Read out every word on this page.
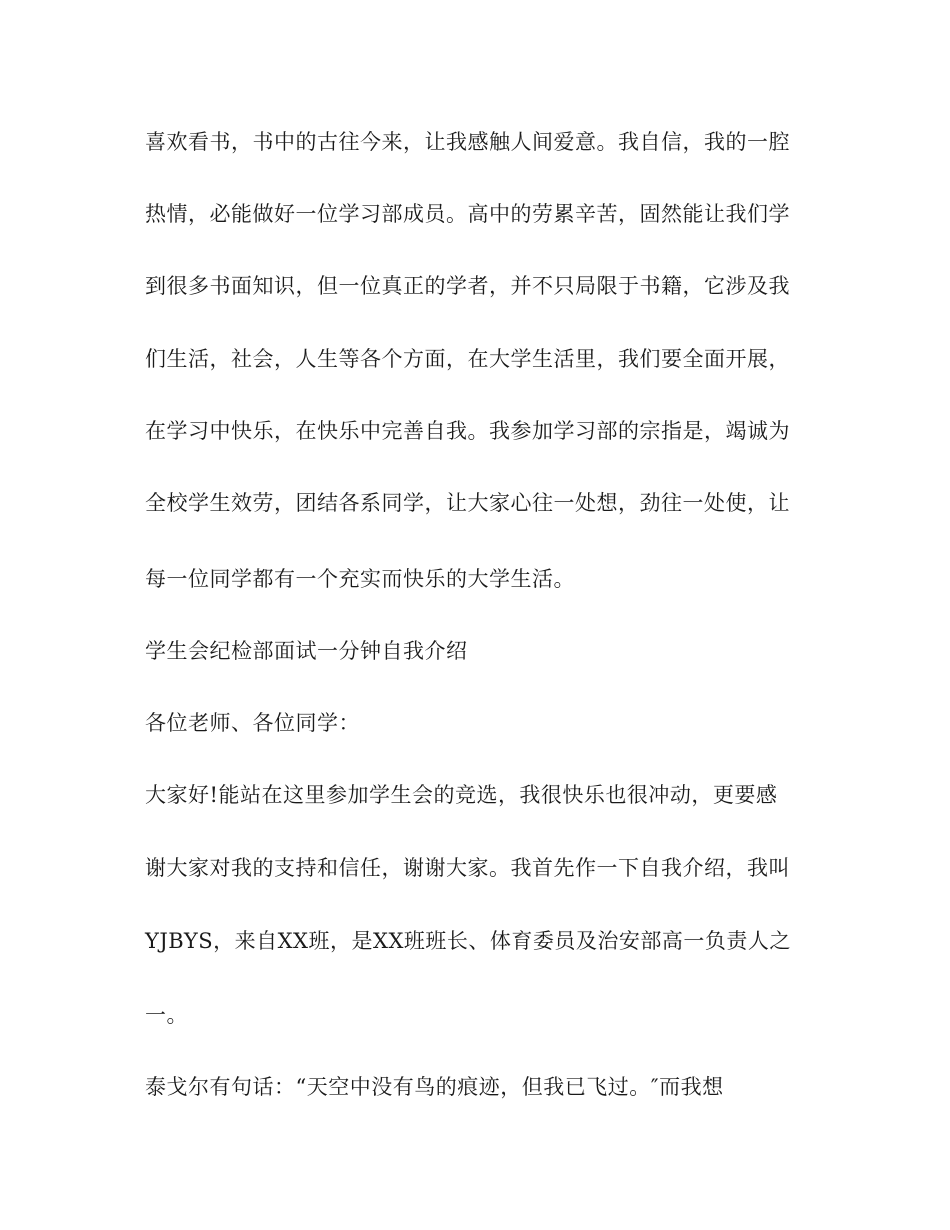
喜欢看书，书中的古往今来，让我感触人间爱意。我自信，我的一腔
热情，必能做好一位学习部成员。高中的劳累辛苦，固然能让我们学
到很多书面知识，但一位真正的学者，并不只局限于书籍，它涉及我
们生活，社会，人生等各个方面，在大学生活里，我们要全面开展，
在学习中快乐，在快乐中完善自我。我参加学习部的宗指是，竭诚为
全校学生效劳，团结各系同学，让大家心往一处想，劲往一处使，让
每一位同学都有一个充实而快乐的大学生活。
学生会纪检部面试一分钟自我介绍
各位老师、各位同学：
大家好!能站在这里参加学生会的竞选，我很快乐也很冲动，更要感
谢大家对我的支持和信任，谢谢大家。我首先作一下自我介绍，我叫
YJBYS，来自XX班，是XX班班长、体育委员及治安部高一负责人之
一。
泰戈尔有句话：“天空中没有鸟的痕迹，但我已飞过。″而我想
